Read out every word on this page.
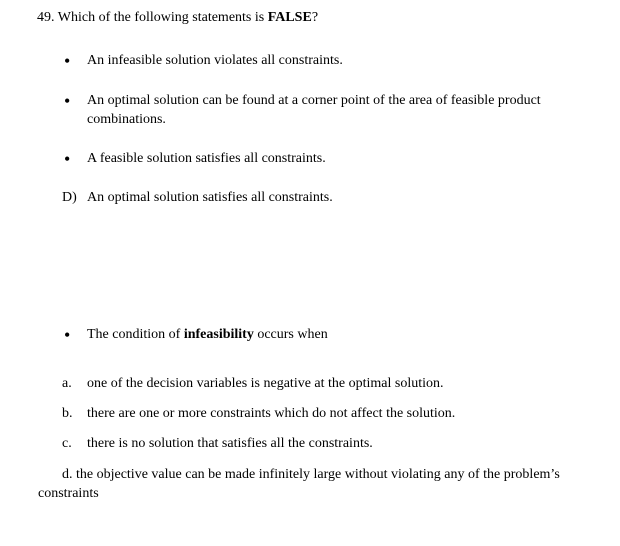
49. Which of the following statements is FALSE?
• An infeasible solution violates all constraints.
• An optimal solution can be found at a corner point of the area of feasible product
combinations.
• A feasible solution satisfies all constraints.
D) An optimal solution satisfies all constraints.
• The condition of infeasibility occurs when
a. one of the decision variables is negative at the optimal solution.
b. there are one or more constraints which do not affect the solution.
c. there is no solution that satisfies all the constraints.
d. the objective value can be made infinitely large without violating any of the problem’s
constraints
